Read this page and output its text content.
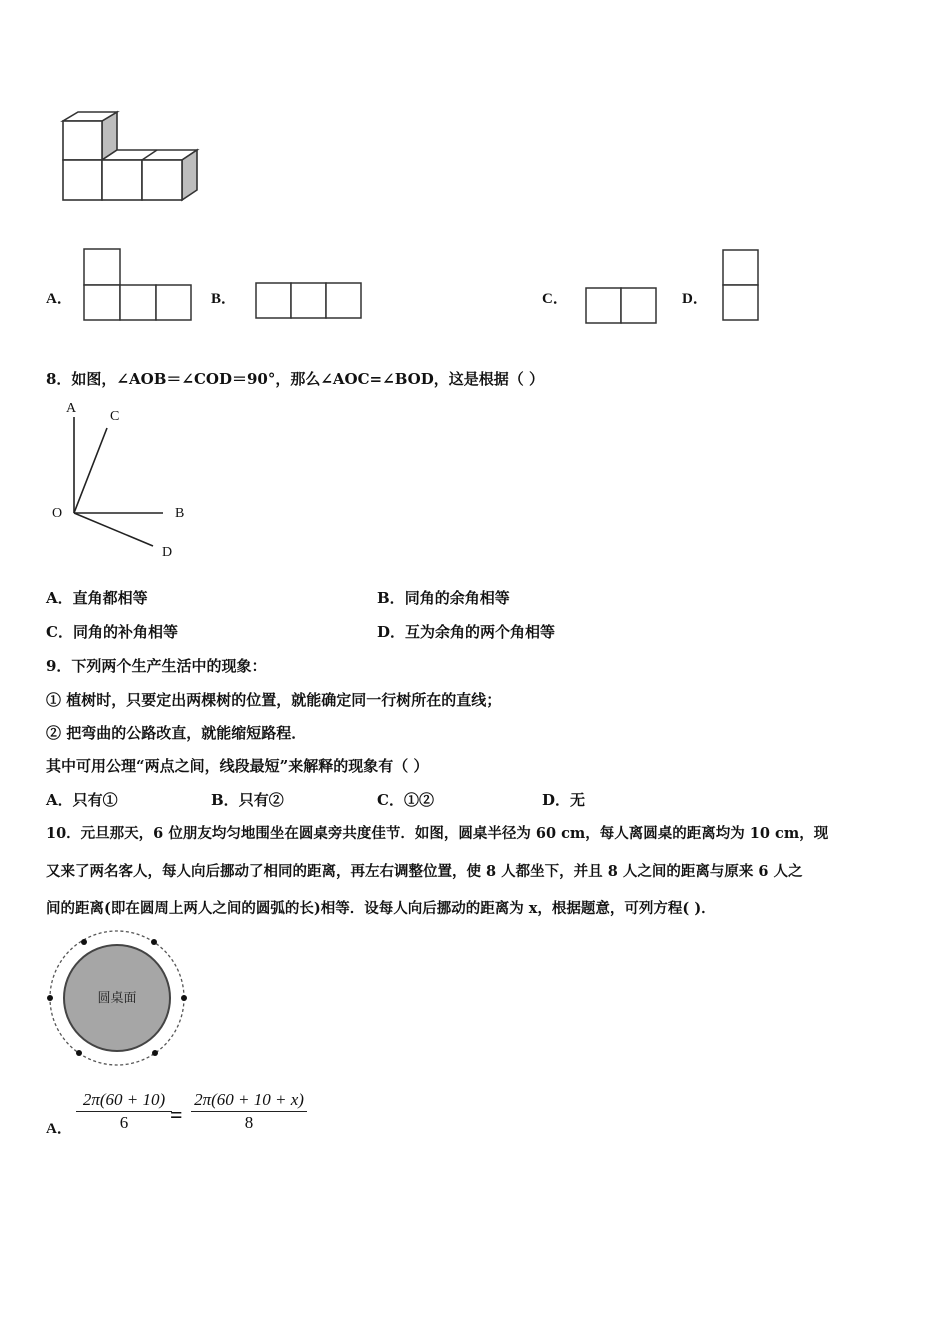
A．	B．	C．	D．
8．如图，∠AOB＝∠COD＝90°，那么∠AOC=∠BOD，这是根据（ ）
A
C
O	B
D
A．直角都相等	B．同角的余角相等
C．同角的补角相等	D．互为余角的两个角相等
9．下列两个生产生活中的现象：
① 植树时，只要定出两棵树的位置，就能确定同一行树所在的直线；
② 把弯曲的公路改直，就能缩短路程．
其中可用公理“两点之间，线段最短”来解释的现象有（ ）
A．只有①	B．只有②	C．①②	D．无
10．元旦那天，6 位朋友均匀地围坐在圆桌旁共度佳节．如图，圆桌半径为 60 cm，每人离圆桌的距离均为 10 cm，现
又来了两名客人，每人向后挪动了相同的距离，再左右调整位置，使 8 人都坐下，并且 8 人之间的距离与原来 6 人之
间的距离(即在圆周上两人之间的圆弧的长)相等．设每人向后挪动的距离为 x，根据题意，可列方程( )．
圆桌面
A．
2π(60 + 10)
6	=
2π(60 + 10 + x)
8
